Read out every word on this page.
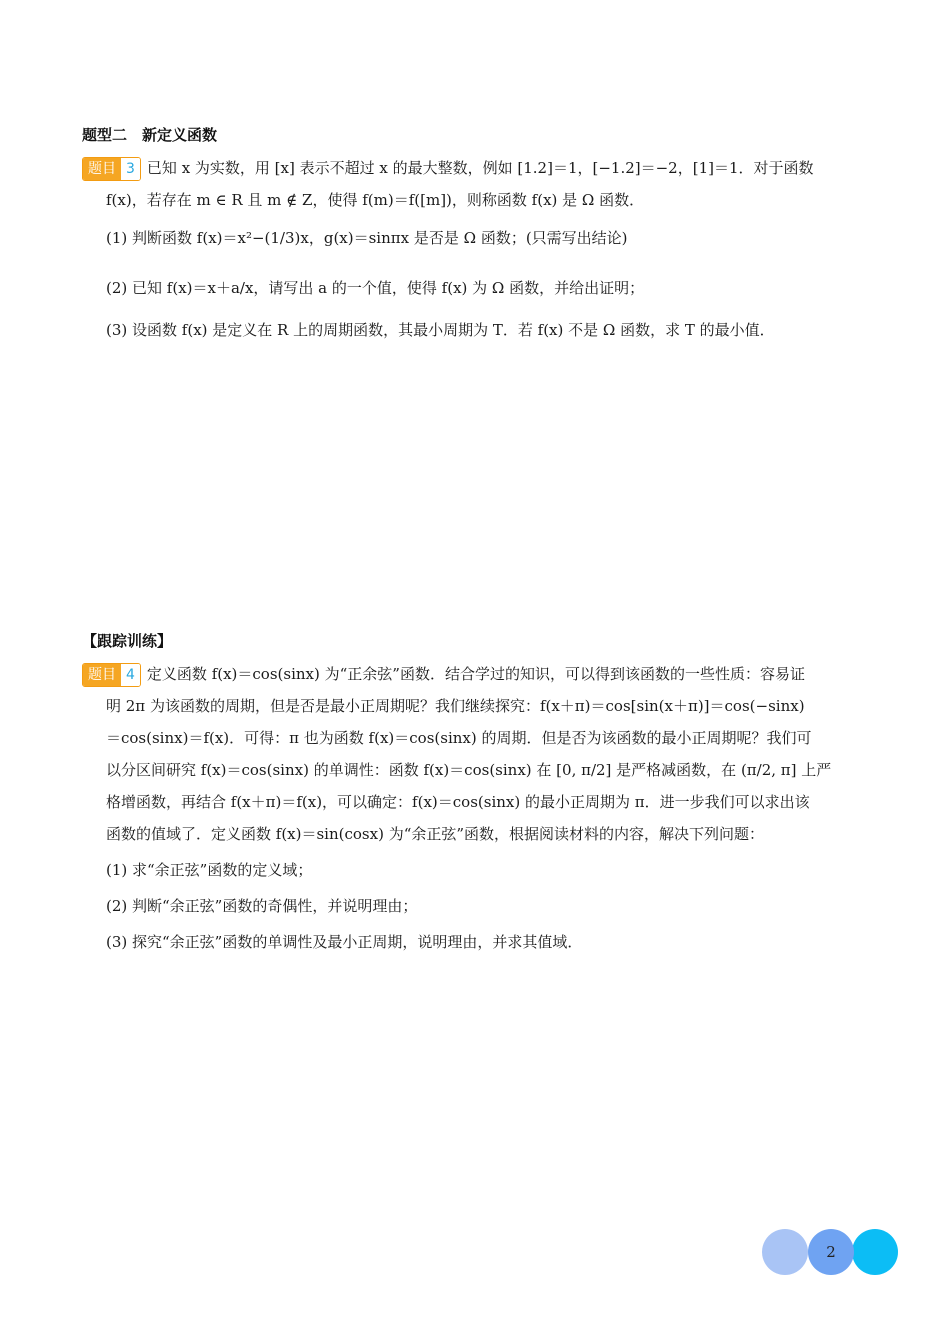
题型二　新定义函数
题目 3 已知 x 为实数，用 [x] 表示不超过 x 的最大整数，例如 [1.2]＝1，[−1.2]＝−2，[1]＝1．对于函数
f(x)，若存在 m ∈ R 且 m ∉ Z，使得 f(m)＝f([m])，则称函数 f(x) 是 Ω 函数．
(1) 判断函数 f(x)＝x²−(1/3)x，g(x)＝sinπx 是否是 Ω 函数；(只需写出结论)
(2) 已知 f(x)＝x＋a/x，请写出 a 的一个值，使得 f(x) 为 Ω 函数，并给出证明；
(3) 设函数 f(x) 是定义在 R 上的周期函数，其最小周期为 T．若 f(x) 不是 Ω 函数，求 T 的最小值．
【跟踪训练】
题目 4 定义函数 f(x)＝cos(sinx) 为“正余弦”函数．结合学过的知识，可以得到该函数的一些性质：容易证
明 2π 为该函数的周期，但是否是最小正周期呢？我们继续探究：f(x＋π)＝cos[sin(x＋π)]＝cos(−sinx)
＝cos(sinx)＝f(x)．可得：π 也为函数 f(x)＝cos(sinx) 的周期．但是否为该函数的最小正周期呢？我们可
以分区间研究 f(x)＝cos(sinx) 的单调性：函数 f(x)＝cos(sinx) 在 [0, π/2] 是严格减函数，在 (π/2, π] 上严
格增函数，再结合 f(x＋π)＝f(x)，可以确定：f(x)＝cos(sinx) 的最小正周期为 π．进一步我们可以求出该
函数的值域了．定义函数 f(x)＝sin(cosx) 为“余正弦”函数，根据阅读材料的内容，解决下列问题：
(1) 求“余正弦”函数的定义域；
(2) 判断“余正弦”函数的奇偶性，并说明理由；
(3) 探究“余正弦”函数的单调性及最小正周期，说明理由，并求其值域．
2
